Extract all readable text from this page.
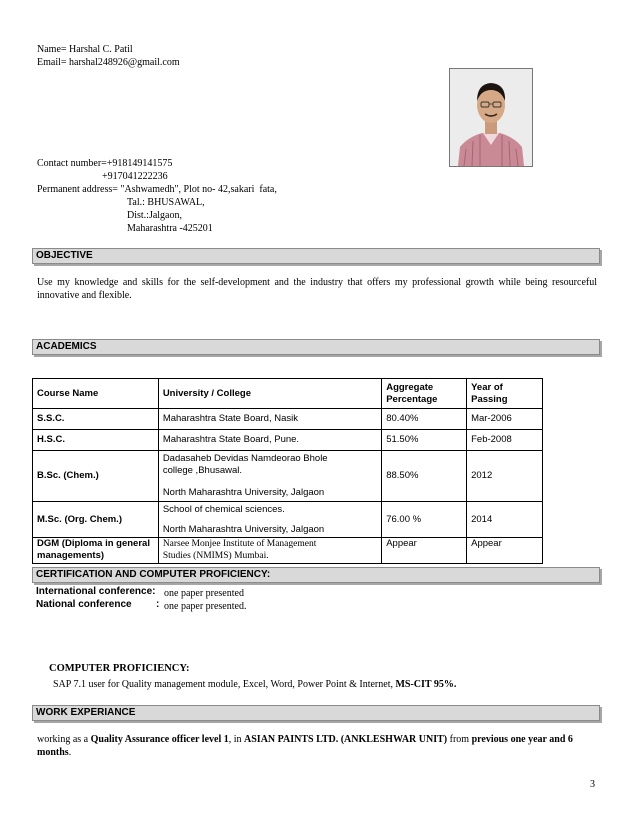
Name= Harshal C. Patil
Email= harshal248926@gmail.com
Contact number=+918149141575
+917041222236
Permanent address= "Ashwamedh", Plot no- 42,sakari  fata,
Tal.: BHUSAWAL,
Dist.:Jalgaon,
Maharashtra -425201
OBJECTIVE
Use my knowledge and skills for the self-development and the industry that offers my professional growth while being resourceful innovative and flexible.
ACADEMICS
Course Name	University / College	Aggregate Percentage	Year of Passing
S.S.C.	Maharashtra State Board, Nasik	80.40%	Mar-2006
H.S.C.	Maharashtra State Board, Pune.	51.50%	Feb-2008
B.Sc. (Chem.)	Dadasaheb Devidas Namdeorao Bhole
college ,Bhusawal.
North Maharashtra University, Jalgaon	88.50%	2012
M.Sc. (Org. Chem.)	School of chemical sciences.
North Maharashtra University, Jalgaon	76.00 %	2014
DGM (Diploma in general managements)	Narsee Monjee Institute of Management
Studies (NMIMS) Mumbai.	Appear	Appear
CERTIFICATION AND COMPUTER PROFICIENCY:
International conference: one paper presented
National conference : one paper presented.
COMPUTER PROFICIENCY:
SAP 7.1 user for Quality management module, Excel, Word, Power Point & Internet, MS-CIT 95%.
WORK EXPERIANCE
working as a Quality Assurance officer level 1, in ASIAN PAINTS LTD. (ANKLESHWAR UNIT) from previous one year and 6 months.
3
